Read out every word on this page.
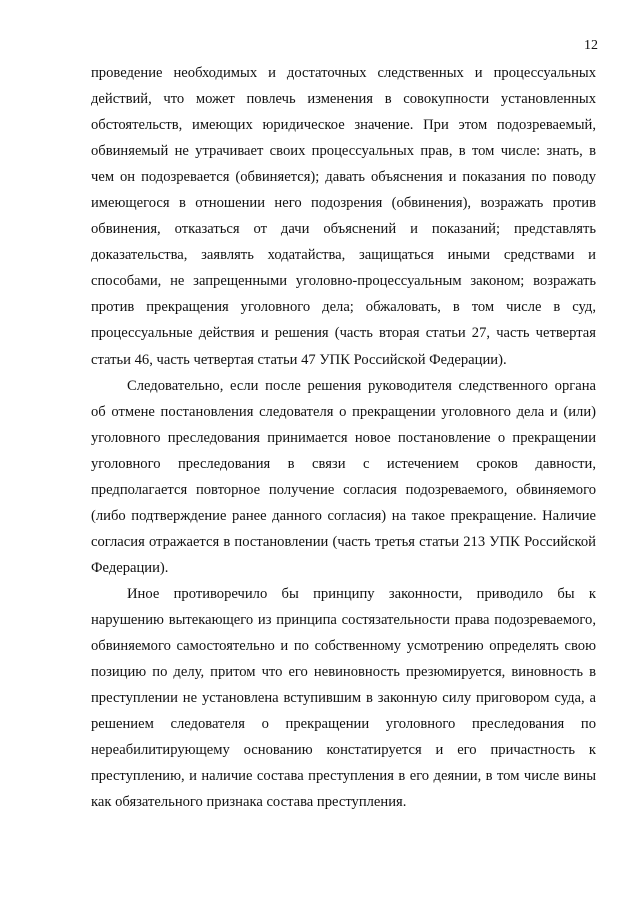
12

проведение необходимых и достаточных следственных и процессуальных действий, что может повлечь изменения в совокупности установленных обстоятельств, имеющих юридическое значение. При этом подозреваемый, обвиняемый не утрачивает своих процессуальных прав, в том числе: знать, в чем он подозревается (обвиняется); давать объяснения и показания по поводу имеющегося в отношении него подозрения (обвинения), возражать против обвинения, отказаться от дачи объяснений и показаний; представлять доказательства, заявлять ходатайства, защищаться иными средствами и способами, не запрещенными уголовно-процессуальным законом; возражать против прекращения уголовного дела; обжаловать, в том числе в суд, процессуальные действия и решения (часть вторая статьи 27, часть четвертая статьи 46, часть четвертая статьи 47 УПК Российской Федерации).

Следовательно, если после решения руководителя следственного органа об отмене постановления следователя о прекращении уголовного дела и (или) уголовного преследования принимается новое постановление о прекращении уголовного преследования в связи с истечением сроков давности, предполагается повторное получение согласия подозреваемого, обвиняемого (либо подтверждение ранее данного согласия) на такое прекращение. Наличие согласия отражается в постановлении (часть третья статьи 213 УПК Российской Федерации).

Иное противоречило бы принципу законности, приводило бы к нарушению вытекающего из принципа состязательности права подозреваемого, обвиняемого самостоятельно и по собственному усмотрению определять свою позицию по делу, притом что его невиновность презюмируется, виновность в преступлении не установлена вступившим в законную силу приговором суда, а решением следователя о прекращении уголовного преследования по нереабилитирующему основанию констатируется и его причастность к преступлению, и наличие состава преступления в его деянии, в том числе вины как обязательного признака состава преступления.
